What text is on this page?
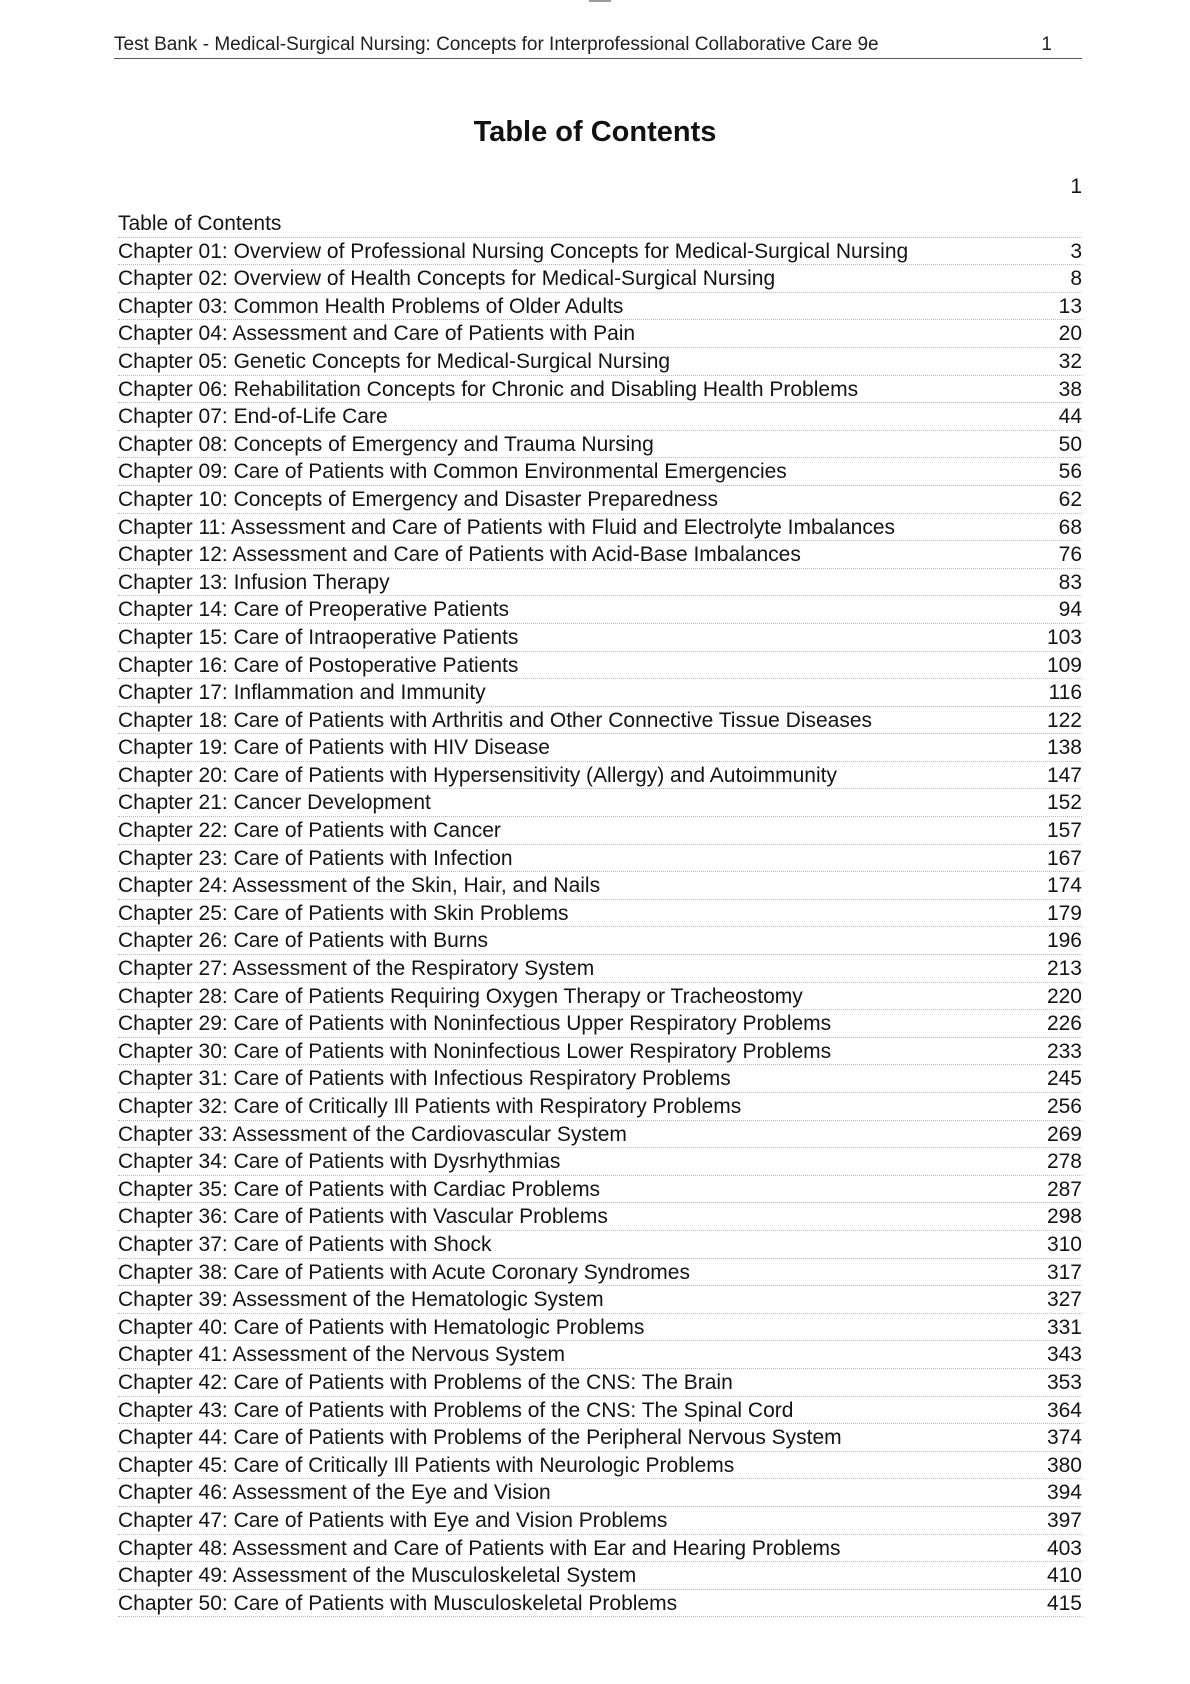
Test Bank - Medical-Surgical Nursing: Concepts for Interprofessional Collaborative Care 9e	1
Table of Contents
1
Table of Contents
Chapter 01: Overview of Professional Nursing Concepts for Medical-Surgical Nursing	3
Chapter 02: Overview of Health Concepts for Medical-Surgical Nursing	8
Chapter 03: Common Health Problems of Older Adults	13
Chapter 04: Assessment and Care of Patients with Pain	20
Chapter 05: Genetic Concepts for Medical-Surgical Nursing	32
Chapter 06: Rehabilitation Concepts for Chronic and Disabling Health Problems	38
Chapter 07: End-of-Life Care	44
Chapter 08: Concepts of Emergency and Trauma Nursing	50
Chapter 09: Care of Patients with Common Environmental Emergencies	56
Chapter 10: Concepts of Emergency and Disaster Preparedness	62
Chapter 11: Assessment and Care of Patients with Fluid and Electrolyte Imbalances	68
Chapter 12: Assessment and Care of Patients with Acid-Base Imbalances	76
Chapter 13: Infusion Therapy	83
Chapter 14: Care of Preoperative Patients	94
Chapter 15: Care of Intraoperative Patients	103
Chapter 16: Care of Postoperative Patients	109
Chapter 17: Inflammation and Immunity	116
Chapter 18: Care of Patients with Arthritis and Other Connective Tissue Diseases	122
Chapter 19: Care of Patients with HIV Disease	138
Chapter 20: Care of Patients with Hypersensitivity (Allergy) and Autoimmunity	147
Chapter 21: Cancer Development	152
Chapter 22: Care of Patients with Cancer	157
Chapter 23: Care of Patients with Infection	167
Chapter 24: Assessment of the Skin, Hair, and Nails	174
Chapter 25: Care of Patients with Skin Problems	179
Chapter 26: Care of Patients with Burns	196
Chapter 27: Assessment of the Respiratory System	213
Chapter 28: Care of Patients Requiring Oxygen Therapy or Tracheostomy	220
Chapter 29: Care of Patients with Noninfectious Upper Respiratory Problems	226
Chapter 30: Care of Patients with Noninfectious Lower Respiratory Problems	233
Chapter 31: Care of Patients with Infectious Respiratory Problems	245
Chapter 32: Care of Critically Ill Patients with Respiratory Problems	256
Chapter 33: Assessment of the Cardiovascular System	269
Chapter 34: Care of Patients with Dysrhythmias	278
Chapter 35: Care of Patients with Cardiac Problems	287
Chapter 36: Care of Patients with Vascular Problems	298
Chapter 37: Care of Patients with Shock	310
Chapter 38: Care of Patients with Acute Coronary Syndromes	317
Chapter 39: Assessment of the Hematologic System	327
Chapter 40: Care of Patients with Hematologic Problems	331
Chapter 41: Assessment of the Nervous System	343
Chapter 42: Care of Patients with Problems of the CNS: The Brain	353
Chapter 43: Care of Patients with Problems of the CNS: The Spinal Cord	364
Chapter 44: Care of Patients with Problems of the Peripheral Nervous System	374
Chapter 45: Care of Critically Ill Patients with Neurologic Problems	380
Chapter 46: Assessment of the Eye and Vision	394
Chapter 47: Care of Patients with Eye and Vision Problems	397
Chapter 48: Assessment and Care of Patients with Ear and Hearing Problems	403
Chapter 49: Assessment of the Musculoskeletal System	410
Chapter 50: Care of Patients with Musculoskeletal Problems	415
